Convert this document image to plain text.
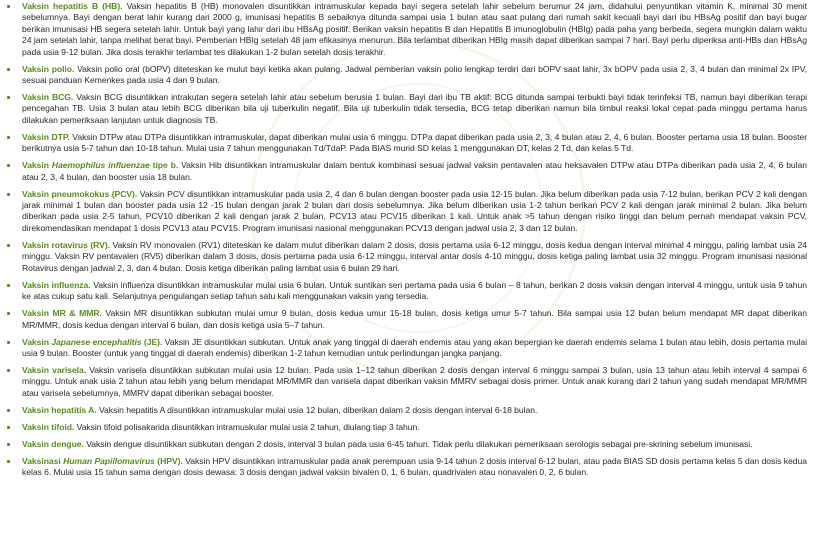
Vaksin hepatitis B (HB). Vaksin hepatitis B (HB) monovalen disuntikkan intramuskular kepada bayi segera setelah lahir sebelum berumur 24 jam, didahului penyuntikan vitamin K, minimal 30 menit sebelumnya. Bayi dengan berat lahir kurang dari 2000 g, imunisasi hepatitis B sebaiknya ditunda sampai usia 1 bulan atau saat pulang dari rumah sakit kecuali bayi dari ibu HBsAg positif dan bayi bugar berikan imunisasi HB segera setelah lahir. Untuk bayi yang lahir dari ibu HBsAg positif: Berikan vaksin hepatitis B dan Hepatitis B imunoglobulin (HBIg) pada paha yang berbeda, segera mungkin dalam waktu 24 jam setelah lahir, tanpa melihat berat bayi. Pemberian HBIg setelah 48 jam efikasinya menurun. Bila terlambat diberikan HBIg masih dapat diberikan sampai 7 hari. Bayi perlu diperiksa anti-HBs dan HBsAg pada usia 9-12 bulan. Jika dosis terakhir terlambat tes dilakukan 1-2 bulan setelah dosis terakhir.
Vaksin polio. Vaksin polio oral (bOPV) diteteskan ke mulut bayi ketika akan pulang. Jadwal pemberian vaksin polio lengkap terdiri dari bOPV saat lahir, 3x bOPV pada usia 2, 3, 4 bulan dan minimal 2x IPV, sesuai panduan Kemenkes pada usia 4 dan 9 bulan.
Vaksin BCG. Vaksin BCG disuntikkan intrakutan segera setelah lahir atau sebelum berusia 1 bulan. Bayi dari ibu TB aktif: BCG ditunda sampai terbukti bayi tidak terinfeksi TB, namun bayi diberikan terapi pencegahan TB. Usia 3 bulan atau lebih BCG diberikan bila uji tuberkulin negatif. Bila uji tuberkulin tidak tersedia, BCG tetap diberikan namun bila timbul reaksi lokal cepat pada minggu pertama harus dilakukan pemeriksaan lanjutan untuk diagnosis TB.
Vaksin DTP. Vaksin DTPw atau DTPa disuntikkan intramuskular, dapat diberikan mulai usia 6 minggu. DTPa dapat diberikan pada usia 2, 3, 4 bulan atau 2, 4, 6 bulan. Booster pertama usia 18 bulan. Booster berikutnya usia 5-7 tahun dan 10-18 tahun. Mulai usia 7 tahun menggunakan Td/TdaP. Pada BIAS murid SD kelas 1 menggunakan DT, kelas 2 Td, dan kelas 5 Td.
Vaksin Haemophilus influenzae tipe b. Vaksin Hib disuntikkan intramuskular dalam bentuk kombinasi sesuai jadwal vaksin pentavalen atau heksavalen DTPw atau DTPa diberikan pada usia 2, 4, 6 bulan atau 2, 3, 4 bulan, dan booster usia 18 bulan.
Vaksin pneumokokus (PCV). Vaksin PCV disuntikkan intramuskular pada usia 2, 4 dan 6 bulan dengan booster pada usia 12-15 bulan. Jika belum diberikan pada usia 7-12 bulan, berikan PCV 2 kali dengan jarak minimal 1 bulan dan booster pada usia 12 -15 bulan dengan jarak 2 bulan dari dosis sebelumnya. Jika belum diberikan usia 1-2 tahun berikan PCV 2 kali dengan jarak minimal 2 bulan. Jika belum diberikan pada usia 2-5 tahun, PCV10 diberikan 2 kali dengan jarak 2 bulan, PCV13 atau PCV15 diberikan 1 kali. Untuk anak >5 tahun dengan risiko tinggi dan belum pernah mendapat vaksin PCV, direkomendasikan mendapat 1 dosis PCV13 atau PCV15. Program imunisasi nasional menggunakan PCV13 dengan jadwal usia 2, 3 dan 12 bulan.
Vaksin rotavirus (RV). Vaksin RV monovalen (RV1) diteteskan ke dalam mulut diberikan dalam 2 dosis, dosis pertama usia 6-12 minggu, dosis kedua dengan interval minimal 4 minggu, paling lambat usia 24 minggu. Vaksin RV pentavalen (RV5) diberikan dalam 3 dosis, dosis pertama pada usia 6-12 minggu, interval antar dosis 4-10 minggu, dosis ketiga paling lambat usia 32 minggu. Program imunisasi nasional Rotavirus dengan jadwal 2, 3, dan 4 bulan. Dosis ketiga diberikan paling lambat usia 6 bulan 29 hari.
Vaksin influenza. Vaksin influenza disuntikkan intramuskular mulai usia 6 bulan. Untuk suntikan seri pertama pada usia 6 bulan – 8 tahun, berikan 2 dosis vaksin dengan interval 4 minggu, untuk usia 9 tahun ke atas cukup satu kali. Selanjutnya pengulangan setiap tahun satu kali menggunakan vaksin yang tersedia.
Vaksin MR & MMR. Vaksin MR disuntikkan subkutan mulai umur 9 bulan, dosis kedua umur 15-18 bulan, dosis ketiga umur 5-7 tahun. Bila sampai usia 12 bulan belum mendapat MR dapat diberikan MR/MMR, dosis kedua dengan interval 6 bulan, dan dosis ketiga usia 5–7 tahun.
Vaksin Japanese encephalitis (JE). Vaksin JE disuntikkan subkutan. Untuk anak yang tinggal di daerah endemis atau yang akan bepergian ke daerah endemis selama 1 bulan atau lebih, dosis pertama mulai usia 9 bulan. Booster (untuk yang tinggal di daerah endemis) diberikan 1-2 tahun kemudian untuk perlindungan jangka panjang.
Vaksin varisela. Vaksin varisela disuntikkan subkutan mulai usia 12 bulan. Pada usia 1–12 tahun diberikan 2 dosis dengan interval 6 minggu sampai 3 bulan, usia 13 tahun atau lebih interval 4 sampai 6 minggu. Untuk anak usia 2 tahun atau lebih yang belum mendapat MR/MMR dan varisela dapat diberikan vaksin MMRV sebagai dosis primer. Untuk anak kurang dari 2 tahun yang sudah mendapat MR/MMR atau varisela sebelumnya, MMRV dapat diberikan sebagai booster.
Vaksin hepatitis A. Vaksin hepatitis A disuntikkan intramuskular mulai usia 12 bulan, diberikan dalam 2 dosis dengan interval 6-18 bulan.
Vaksin tifoid. Vaksin tifoid polisakarida disuntikkan intramuskular mulai usia 2 tahun, diulang tiap 3 tahun.
Vaksin dengue. Vaksin dengue disuntikkan subkutan dengan 2 dosis, interval 3 bulan pada usia 6-45 tahun. Tidak perlu dilakukan pemeriksaan serologis sebagai pre-skrining sebelum imunisasi.
Vaksinasi Human Papillomavirus (HPV). Vaksin HPV disuntikkan intramuskular pada anak perempuan usia 9-14 tahun 2 dosis interval 6-12 bulan, atau pada BIAS SD dosis pertama kelas 5 dan dosis kedua kelas 6. Mulai usia 15 tahun sama dengan dosis dewasa: 3 dosis dengan jadwal vaksin bivalen 0, 1, 6 bulan, quadrivalen atau nonavalen 0, 2, 6 bulan.
